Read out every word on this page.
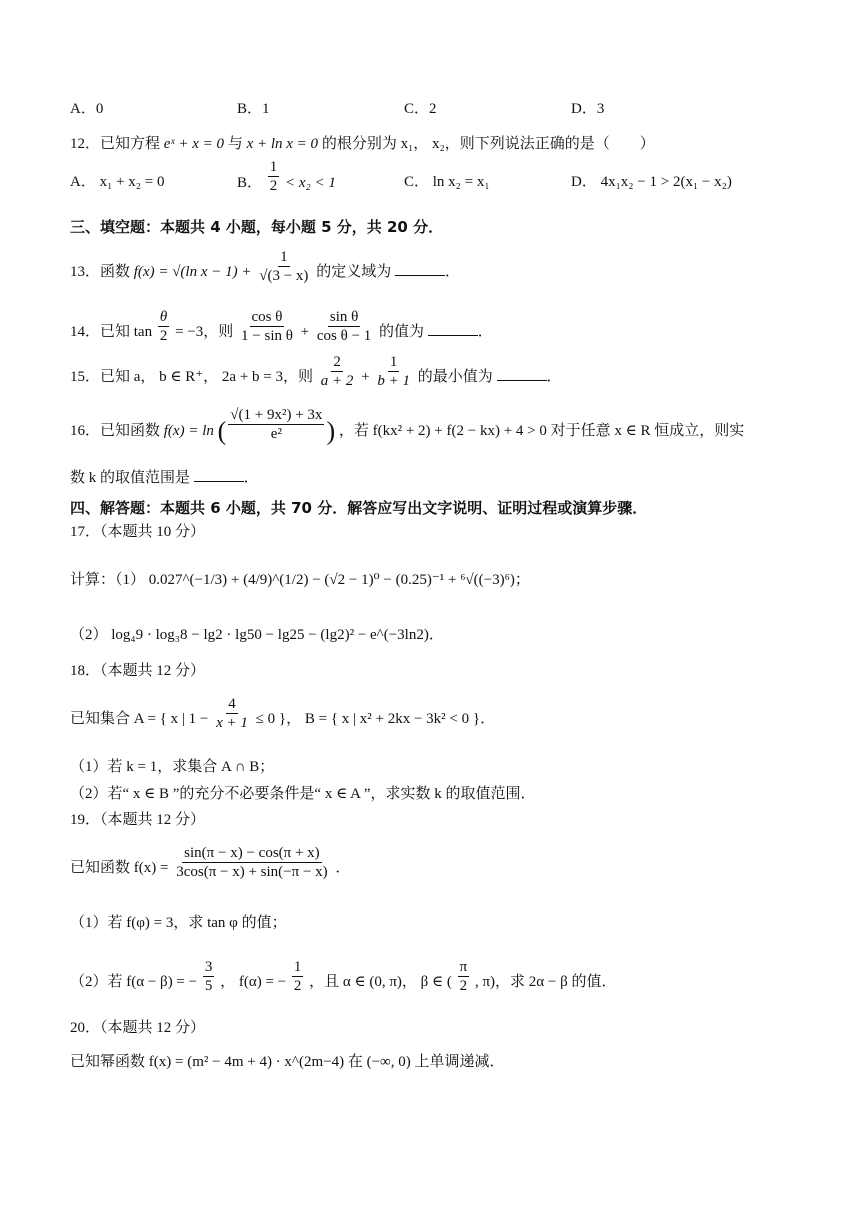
A．0	B．1	C．2	D．3
12．已知方程 eˣ + x = 0 与 x + ln x = 0 的根分别为 x₁， x₂，则下列说法正确的是（　　）
A． x₁ + x₂ = 0	B． $\frac{1}{2} < x_2 < 1$	C． ln x₂ = x₁	D． 4x₁x₂ − 1 > 2(x₁ − x₂)
三、填空题：本题共 4 小题，每小题 5 分，共 20 分．
13．函数 f(x) = √(ln $x - 1) + \frac{1}{√(3 - x)}$ 的定义域为	．
14．已知 $\tan \frac{\theta}{2} = -3$，则 $\frac{\text{cos θ}}{\text{1 − sin θ}} + \frac{\text{sin θ}}{\text{cos θ − 1}}$ 的值为	．
15．已知 a， b ∈ R⁺， 2a + b = 3，则 $\frac{2}{a + 2} + \frac{1}{b + 1}$ 的最小值为	．
16．已知函数 f(x) = ln ( $\frac{\text{√(1 + 9x²) + 3x}}{\text{e²}}$ ) ，若 f(kx² + 2) + f(2 − kx) + 4 > 0 对于任意 x ∈ R 恒成立，则实
数 k 的取值范围是	．
四、解答题：本题共 6 小题，共 70 分．解答应写出文字说明、证明过程或演算步骤．
17．（本题共 10 分）
计算：（1） 0.027^(−1/3) + (4/9)^(1/2) − (√2 − 1)⁰ − (0.25)⁻¹ + ⁶√((−3)⁶)；
（2） log₄9 · log₃8 − lg2 · lg50 − lg25 − (lg2)² − e^(−3ln2)．
18．（本题共 12 分）
已知集合 A = { x | $1 - \frac{4}{x + 1} \le 0$ }， B = { x | x² + 2kx − 3k² < 0 }．
（1）若 k = 1，求集合 A ∩ B；
（2）若“ x ∈ B ”的充分不必要条件是“ x ∈ A ”，求实数 k 的取值范围．
19．（本题共 12 分）
已知函数 $f(x) = \frac{\sin(\pi - x) - \cos(\pi + x)}{3\cos(\pi - x) + \sin(-\pi - x)}$ ．
（1）若 f(φ) = 3，求 tan φ 的值；
（2）若 f(α − β) = − $\frac{3}{5}$ ， f(α) = − $\frac{1}{2}$ ，且 α ∈ (0, π)， β ∈ ( $\frac{\pi}{2}$ , π)，求 2α − β 的值．
20．（本题共 12 分）
已知幂函数 f(x) = (m² − 4m + 4) · x^(2m−4) 在 (−∞, 0) 上单调递减．
